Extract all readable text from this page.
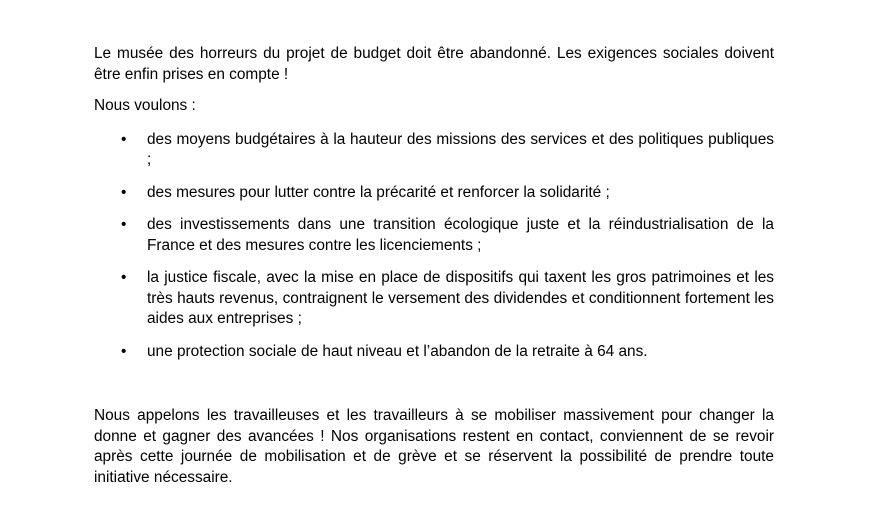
Le musée des horreurs du projet de budget doit être abandonné. Les exigences sociales doivent être enfin prises en compte !

Nous voulons :

• des moyens budgétaires à la hauteur des missions des services et des politiques publiques ;
• des mesures pour lutter contre la précarité et renforcer la solidarité ;
• des investissements dans une transition écologique juste et la réindustrialisation de la France et des mesures contre les licenciements ;
• la justice fiscale, avec la mise en place de dispositifs qui taxent les gros patrimoines et les très hauts revenus, contraignent le versement des dividendes et conditionnent fortement les aides aux entreprises ;
• une protection sociale de haut niveau et l’abandon de la retraite à 64 ans.

Nous appelons les travailleuses et les travailleurs à se mobiliser massivement pour changer la donne et gagner des avancées ! Nos organisations restent en contact, conviennent de se revoir après cette journée de mobilisation et de grève et se réservent la possibilité de prendre toute initiative nécessaire.
